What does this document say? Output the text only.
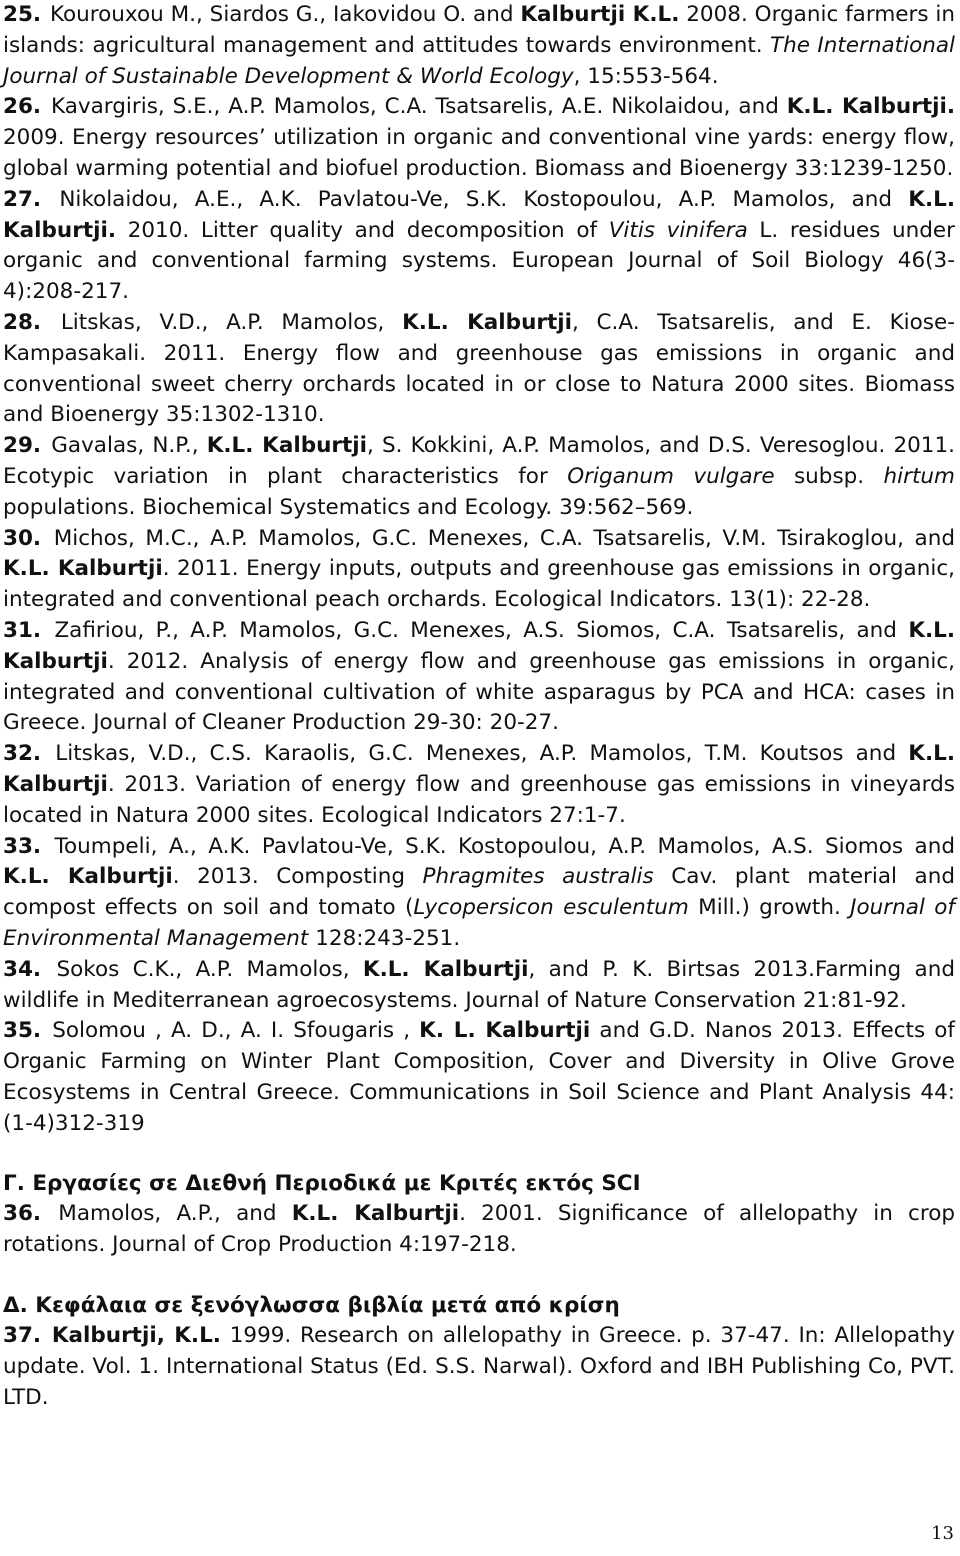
25. Kourouxou M., Siardos G., Iakovidou O. and Kalburtji K.L. 2008. Organic farmers in islands: agricultural management and attitudes towards environment. The International Journal of Sustainable Development & World Ecology, 15:553-564.

26. Kavargiris, S.E., A.P. Mamolos, C.A. Tsatsarelis, A.E. Nikolaidou, and K.L. Kalburtji. 2009. Energy resources’ utilization in organic and conventional vine yards: energy flow, global warming potential and biofuel production. Biomass and Bioenergy 33:1239-1250.

27. Nikolaidou, A.E., A.K. Pavlatou-Ve, S.K. Kostopoulou, A.P. Mamolos, and K.L. Kalburtji. 2010. Litter quality and decomposition of Vitis vinifera L. residues under organic and conventional farming systems. European Journal of Soil Biology 46(3-4):208-217.

28. Litskas, V.D., A.P. Mamolos, K.L. Kalburtji, C.A. Tsatsarelis, and E. Kiose-Kampasakali. 2011. Energy flow and greenhouse gas emissions in organic and conventional sweet cherry orchards located in or close to Natura 2000 sites. Biomass and Bioenergy 35:1302-1310.

29. Gavalas, N.P., K.L. Kalburtji, S. Kokkini, A.P. Mamolos, and D.S. Veresoglou. 2011. Ecotypic variation in plant characteristics for Origanum vulgare subsp. hirtum populations. Biochemical Systematics and Ecology. 39:562–569.

30. Michos, M.C., A.P. Mamolos, G.C. Menexes, C.A. Tsatsarelis, V.M. Tsirakoglou, and K.L. Kalburtji. 2011. Energy inputs, outputs and greenhouse gas emissions in organic, integrated and conventional peach orchards. Ecological Indicators. 13(1): 22-28.

31. Zafiriou, P., A.P. Mamolos, G.C. Menexes, A.S. Siomos, C.A. Tsatsarelis, and K.L. Kalburtji. 2012. Analysis of energy flow and greenhouse gas emissions in organic, integrated and conventional cultivation of white asparagus by PCA and HCA: cases in Greece. Journal of Cleaner Production 29-30: 20-27.

32. Litskas, V.D., C.S. Karaolis, G.C. Menexes, A.P. Mamolos, T.M. Koutsos and K.L. Kalburtji. 2013. Variation of energy flow and greenhouse gas emissions in vineyards located in Natura 2000 sites. Ecological Indicators 27:1-7.

33. Toumpeli, A., A.K. Pavlatou-Ve, S.K. Kostopoulou, A.P. Mamolos, A.S. Siomos and K.L. Kalburtji. 2013. Composting Phragmites australis Cav. plant material and compost effects on soil and tomato (Lycopersicon esculentum Mill.) growth. Journal of Environmental Management 128:243-251.

34. Sokos C.K., A.P. Mamolos, K.L. Kalburtji, and P. K. Birtsas 2013.Farming and wildlife in Mediterranean agroecosystems. Journal of Nature Conservation 21:81-92.

35. Solomou , A. D., A. I. Sfougaris , K. L. Kalburtji and G.D. Nanos 2013. Effects of Organic Farming on Winter Plant Composition, Cover and Diversity in Olive Grove Ecosystems in Central Greece. Communications in Soil Science and Plant Analysis 44:(1-4)312-319

Γ. Εργασίες σε Διεθνή Περιοδικά με Κριτές εκτός SCI

36. Mamolos, A.P., and K.L. Kalburtji. 2001. Significance of allelopathy in crop rotations. Journal of Crop Production 4:197-218.

Δ. Κεφάλαια σε ξενόγλωσσα βιβλία μετά από κρίση

37. Kalburtji, K.L. 1999. Research on allelopathy in Greece. p. 37-47. In: Allelopathy update. Vol. 1. International Status (Ed. S.S. Narwal). Oxford and IBH Publishing Co, PVT. LTD.

13
